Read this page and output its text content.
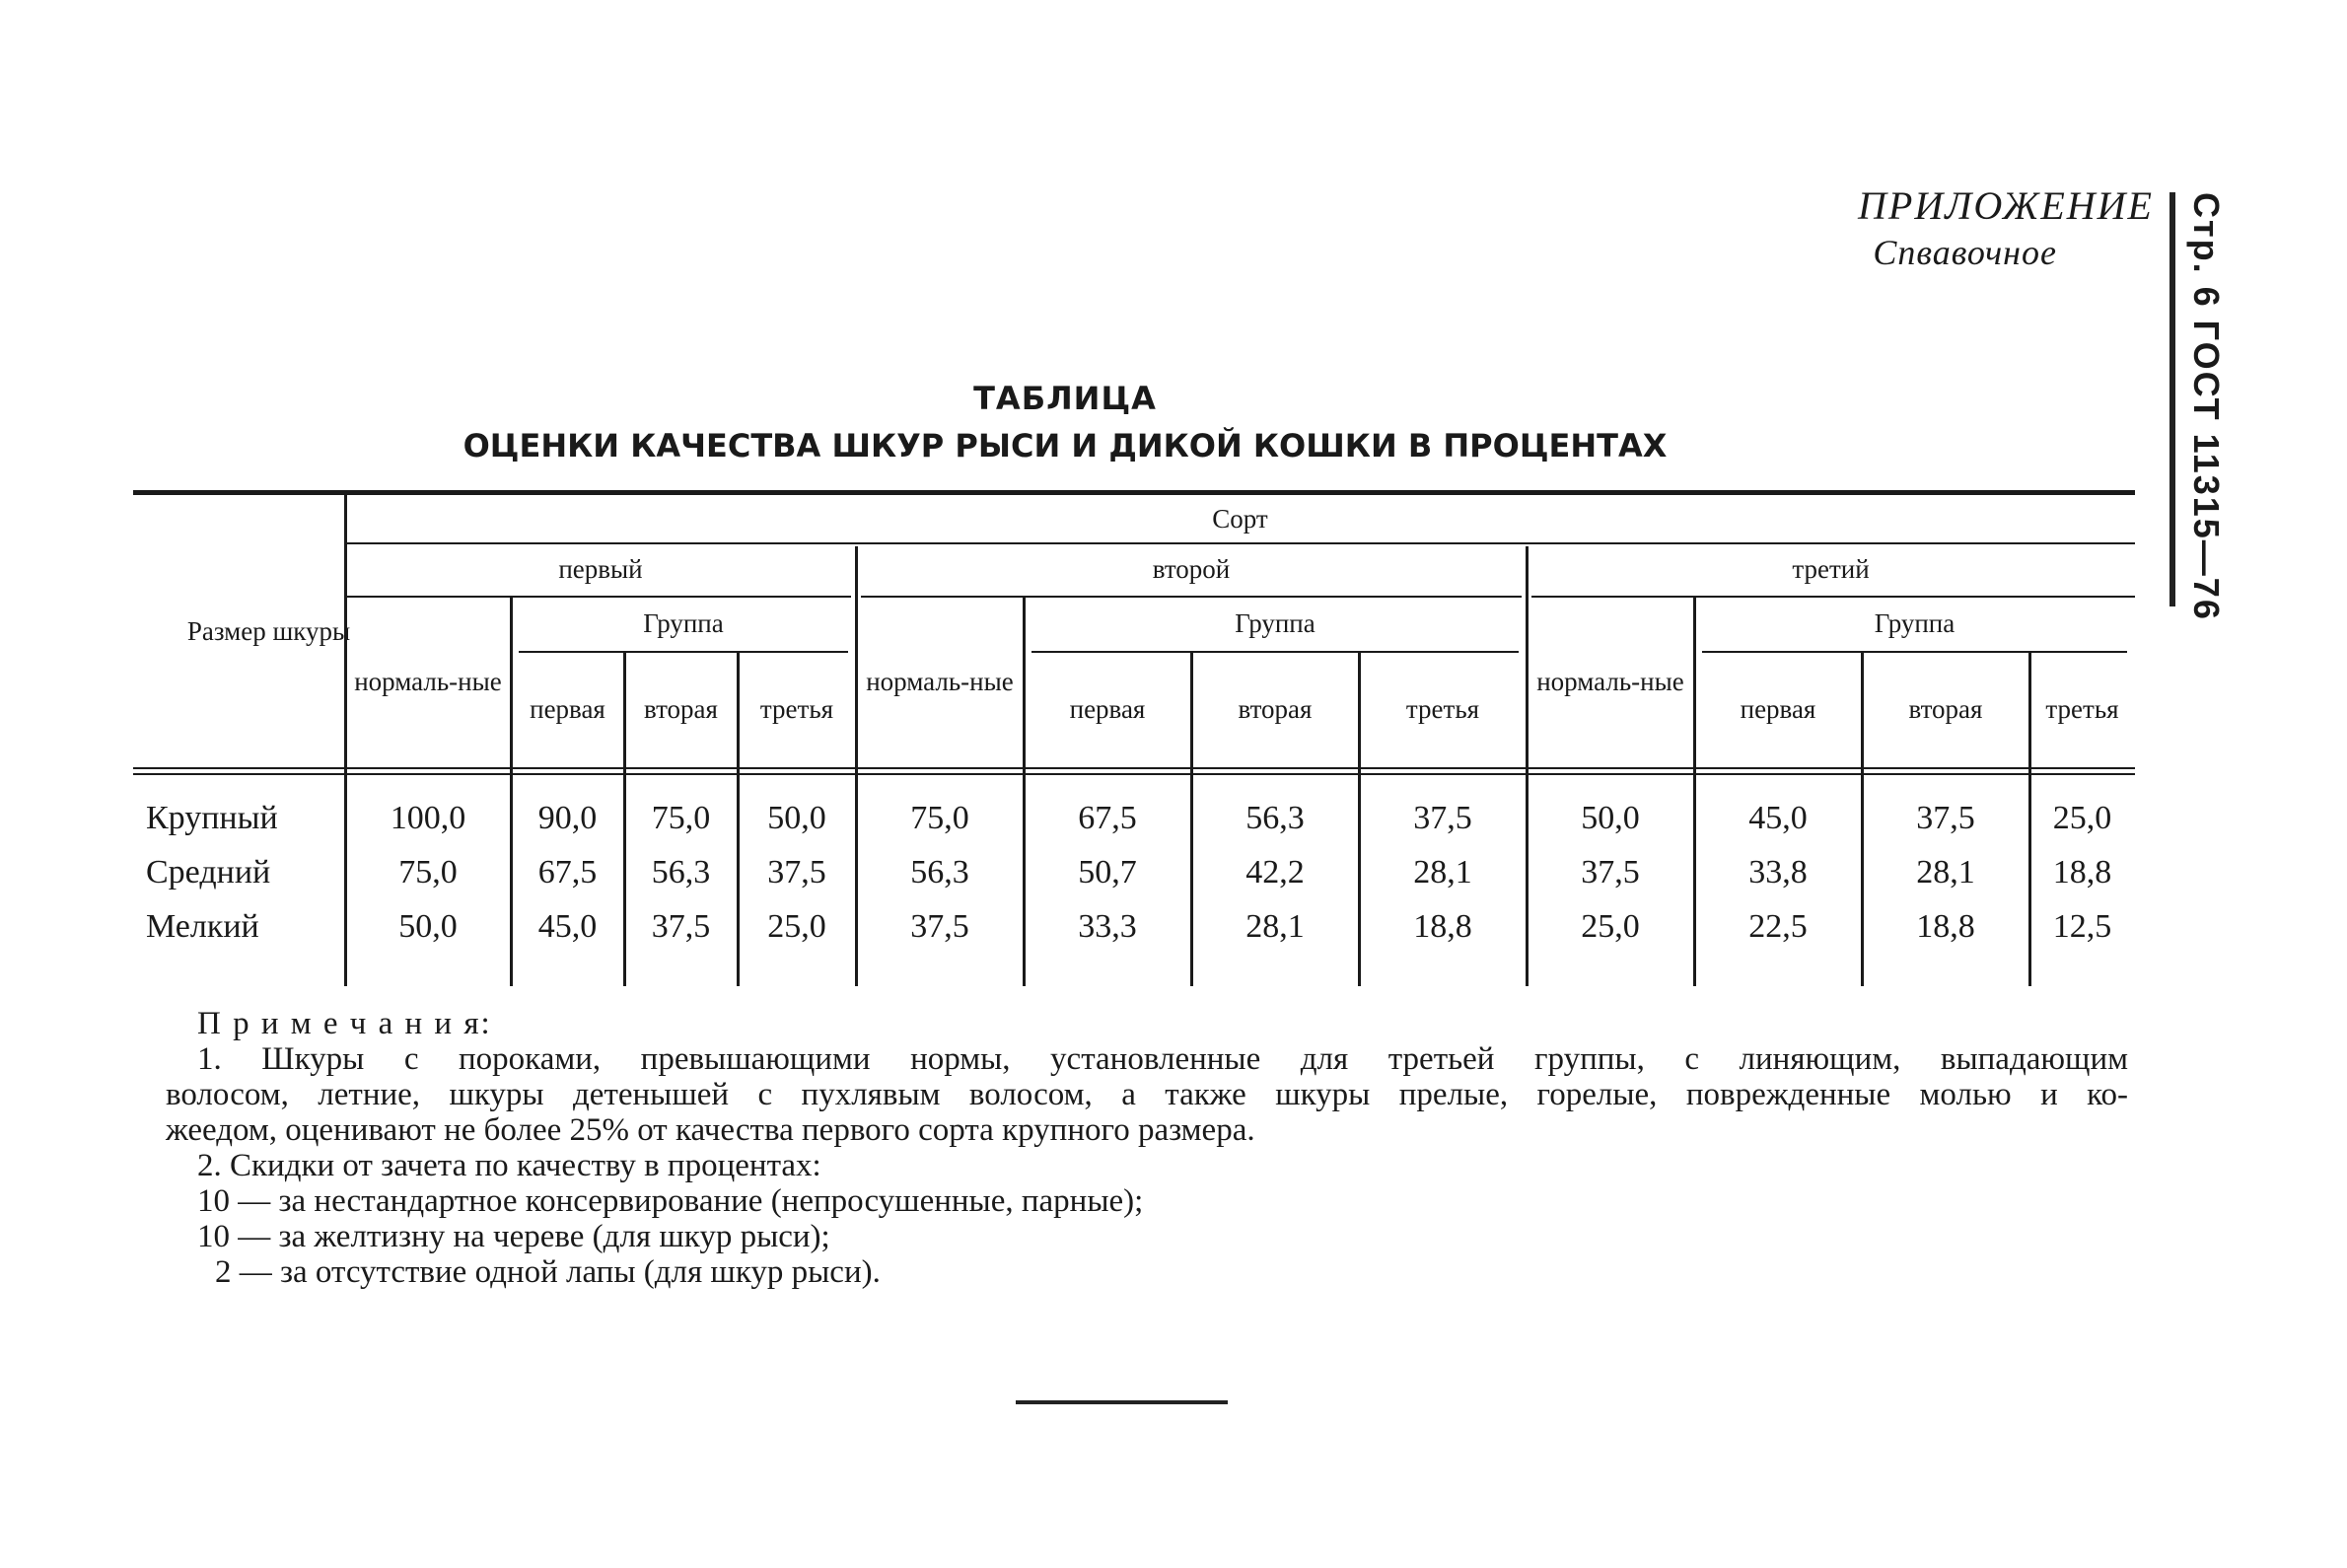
ПРИЛОЖЕНИЕ
Спвавочное	Стр. 6 ГОСТ 11315—76
ТАБЛИЦА
ОЦЕНКИ КАЧЕСТВА ШКУР РЫСИ И ДИКОЙ КОШКИ В ПРОЦЕНТАХ
Размер шкуры
Сорт
первый
нормаль-ные
Группа
первая	вторая	третья
второй
нормаль-ные
Группа
первая	вторая	третья
третий
нормаль-ные
Группа
первая	вторая	третья
Крупный	100,0	90,0	75,0	50,0	75,0	67,5	56,3	37,5	50,0	45,0	37,5	25,0
Средний	75,0	67,5	56,3	37,5	56,3	50,7	42,2	28,1	37,5	33,8	28,1	18,8
Мелкий	50,0	45,0	37,5	25,0	37,5	33,3	28,1	18,8	25,0	22,5	18,8	12,5
П р и м е ч а н и я:
1. Шкуры с пороками, превышающими нормы, установленные для третьей группы, с линяющим, выпадающим
волосом, летние, шкуры детенышей с пухлявым волосом, а также шкуры прелые, горелые, поврежденные молью и ко-
жеедом, оценивают не более 25% от качества первого сорта крупного размера.
2. Скидки от зачета по качеству в процентах:
10 — за нестандартное консервирование (непросушенные, парные);
10 — за желтизну на череве (для шкур рыси);
2 — за отсутствие одной лапы (для шкур рыси).
